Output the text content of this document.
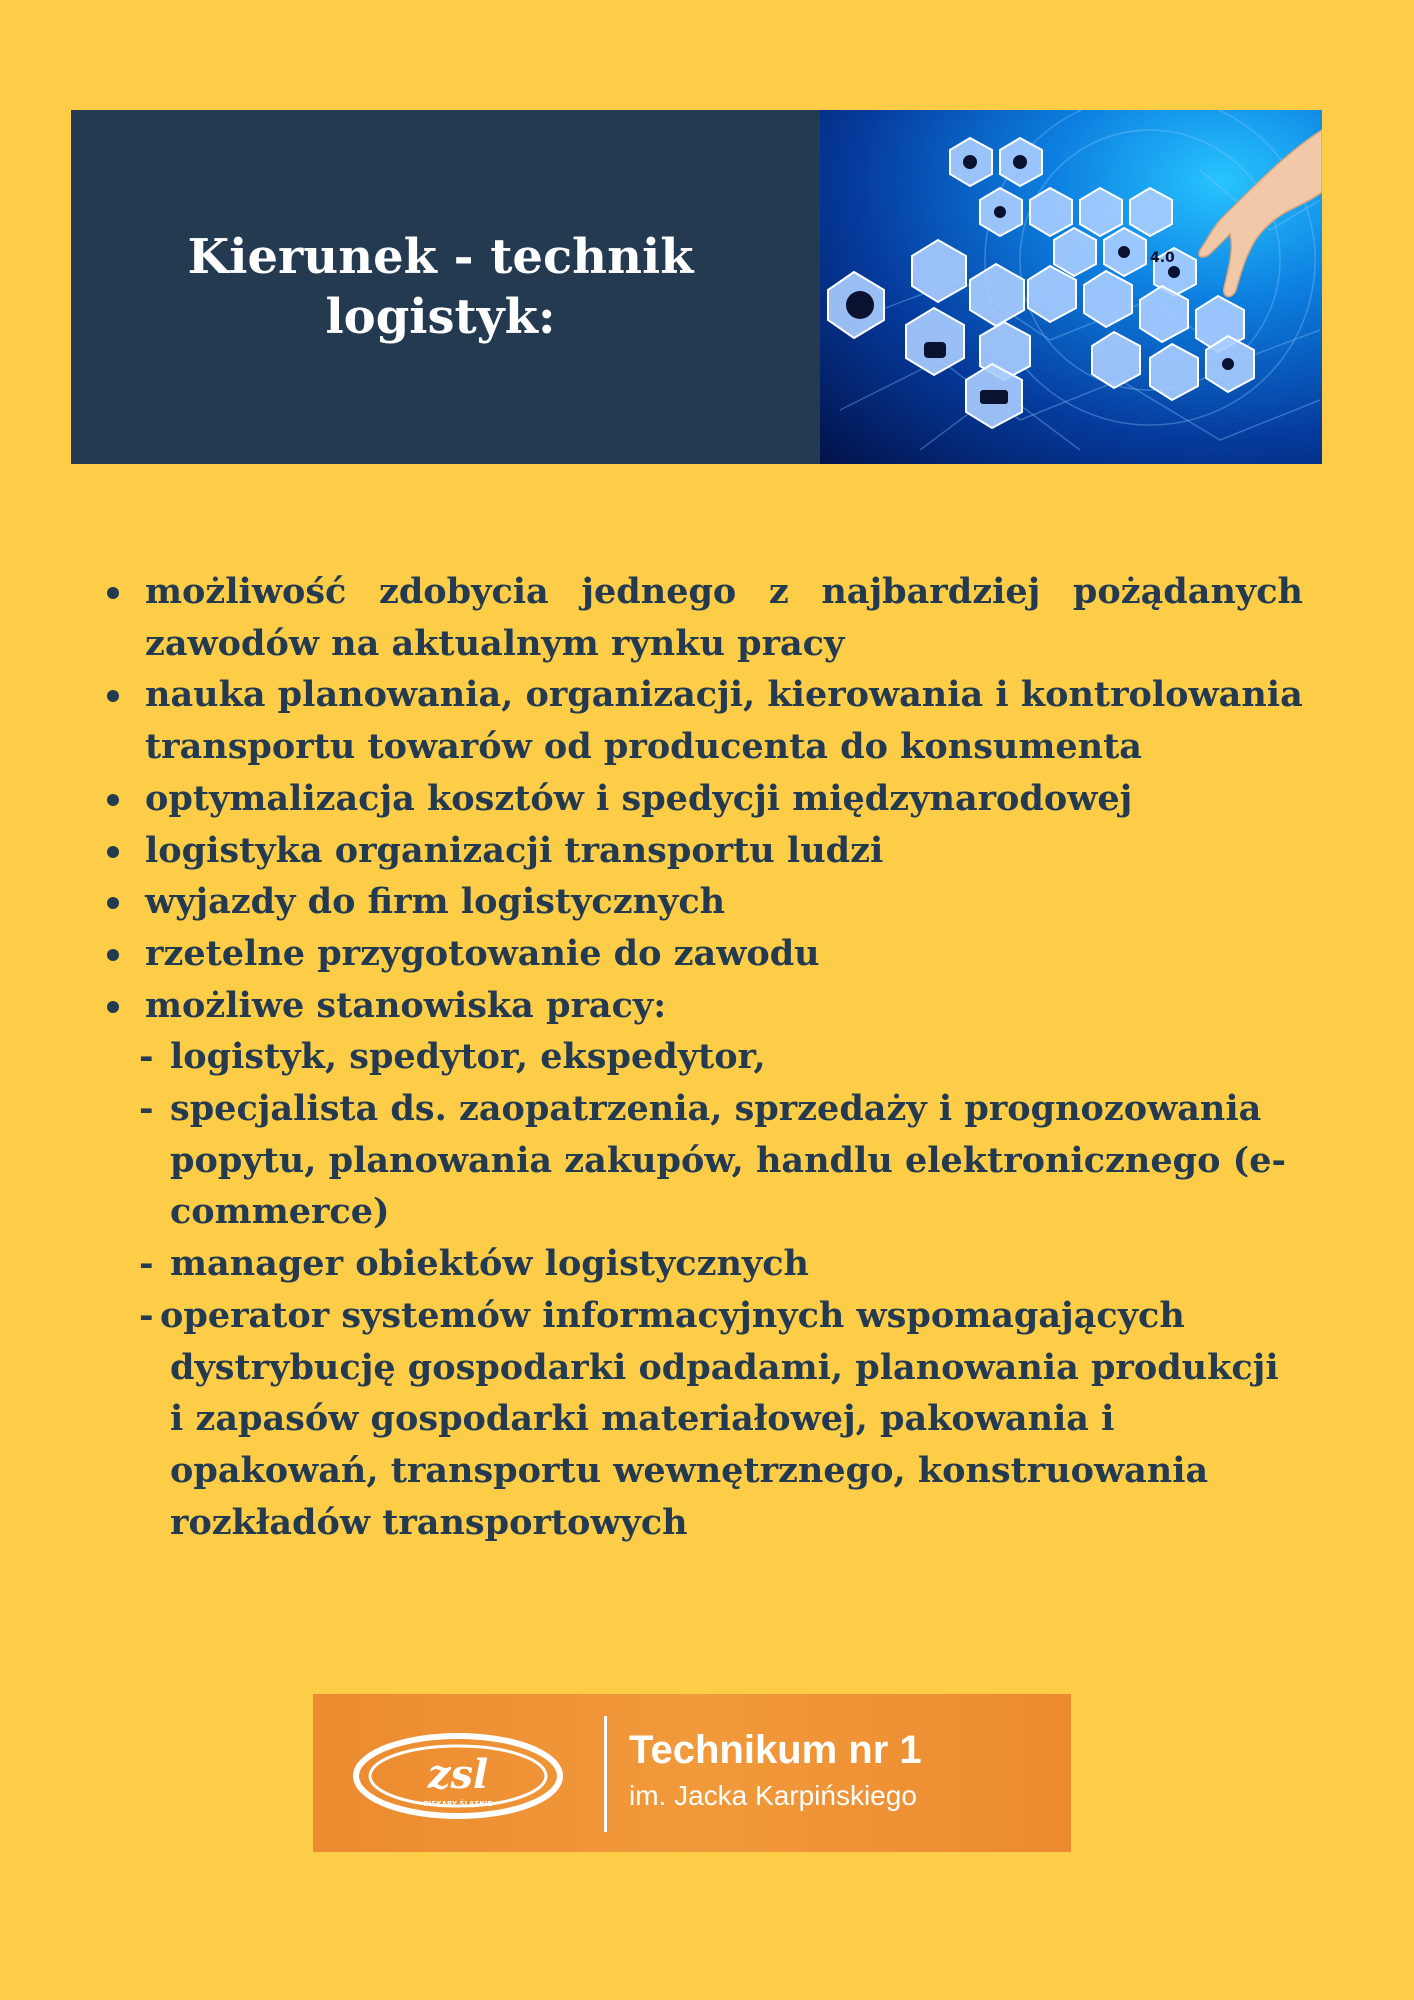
Kierunek - technik logistyk:
4.0
możliwość zdobycia jednego z najbardziej pożądanych zawodów na aktualnym rynku pracy
nauka planowania, organizacji, kierowania i kontrolowania transportu towarów od producenta do konsumenta
optymalizacja kosztów i spedycji międzynarodowej
logistyka organizacji transportu ludzi
wyjazdy do firm logistycznych
rzetelne przygotowanie do zawodu
możliwe stanowiska pracy:
- logistyk, spedytor, ekspedytor,
- specjalista ds. zaopatrzenia, sprzedaży i prognozowania popytu, planowania zakupów, handlu elektronicznego (e-commerce)
- manager obiektów logistycznych
- operator systemów informacyjnych wspomagających dystrybucję gospodarki odpadami, planowania produkcji i zapasów gospodarki materiałowej, pakowania i opakowań, transportu wewnętrznego, konstruowania rozkładów transportowych
zsl
PIEKARY ŚLĄSKIE
Technikum nr 1
im. Jacka Karpińskiego
